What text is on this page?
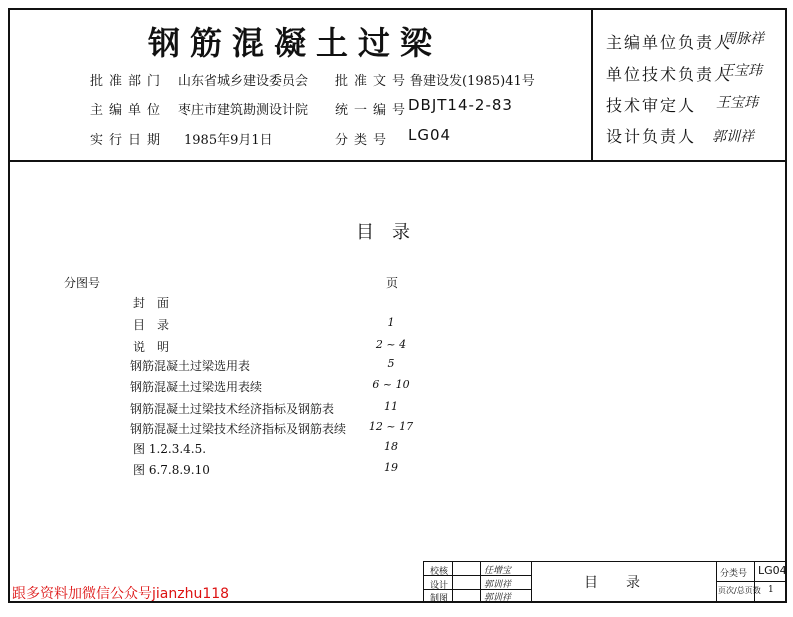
钢筋混凝土过梁
批准部门 山东省城乡建设委员会 批准文号
鲁建设发(1985)41号
主编单位 枣庄市建筑勘测设计院 统一编号
DBJT14-2-83
实行日期 1985年9月1日	分类号 LG04
主编单位负责人
周脉祥
单位技术负责人
王宝玮
技术审定人 王宝玮
设计负责人 郭训祥
目　录
分图号	页
封　面
目　录	1
说　明	2 ~ 4
钢筋混凝土过梁选用表	5
钢筋混凝土过梁选用表续	6 ~ 10
钢筋混凝土过梁技术经济指标及钢筋表	11
钢筋混凝土过梁技术经济指标及钢筋表续 12 ~ 17
图 1.2.3.4.5.	18
图 6.7.8.9.10	19
校核	任增宝
设计	郭训祥
制图	郭训祥
目　　录
分类号 LG04
页次/总页数 1
跟多资料加微信公众号jianzhu118
